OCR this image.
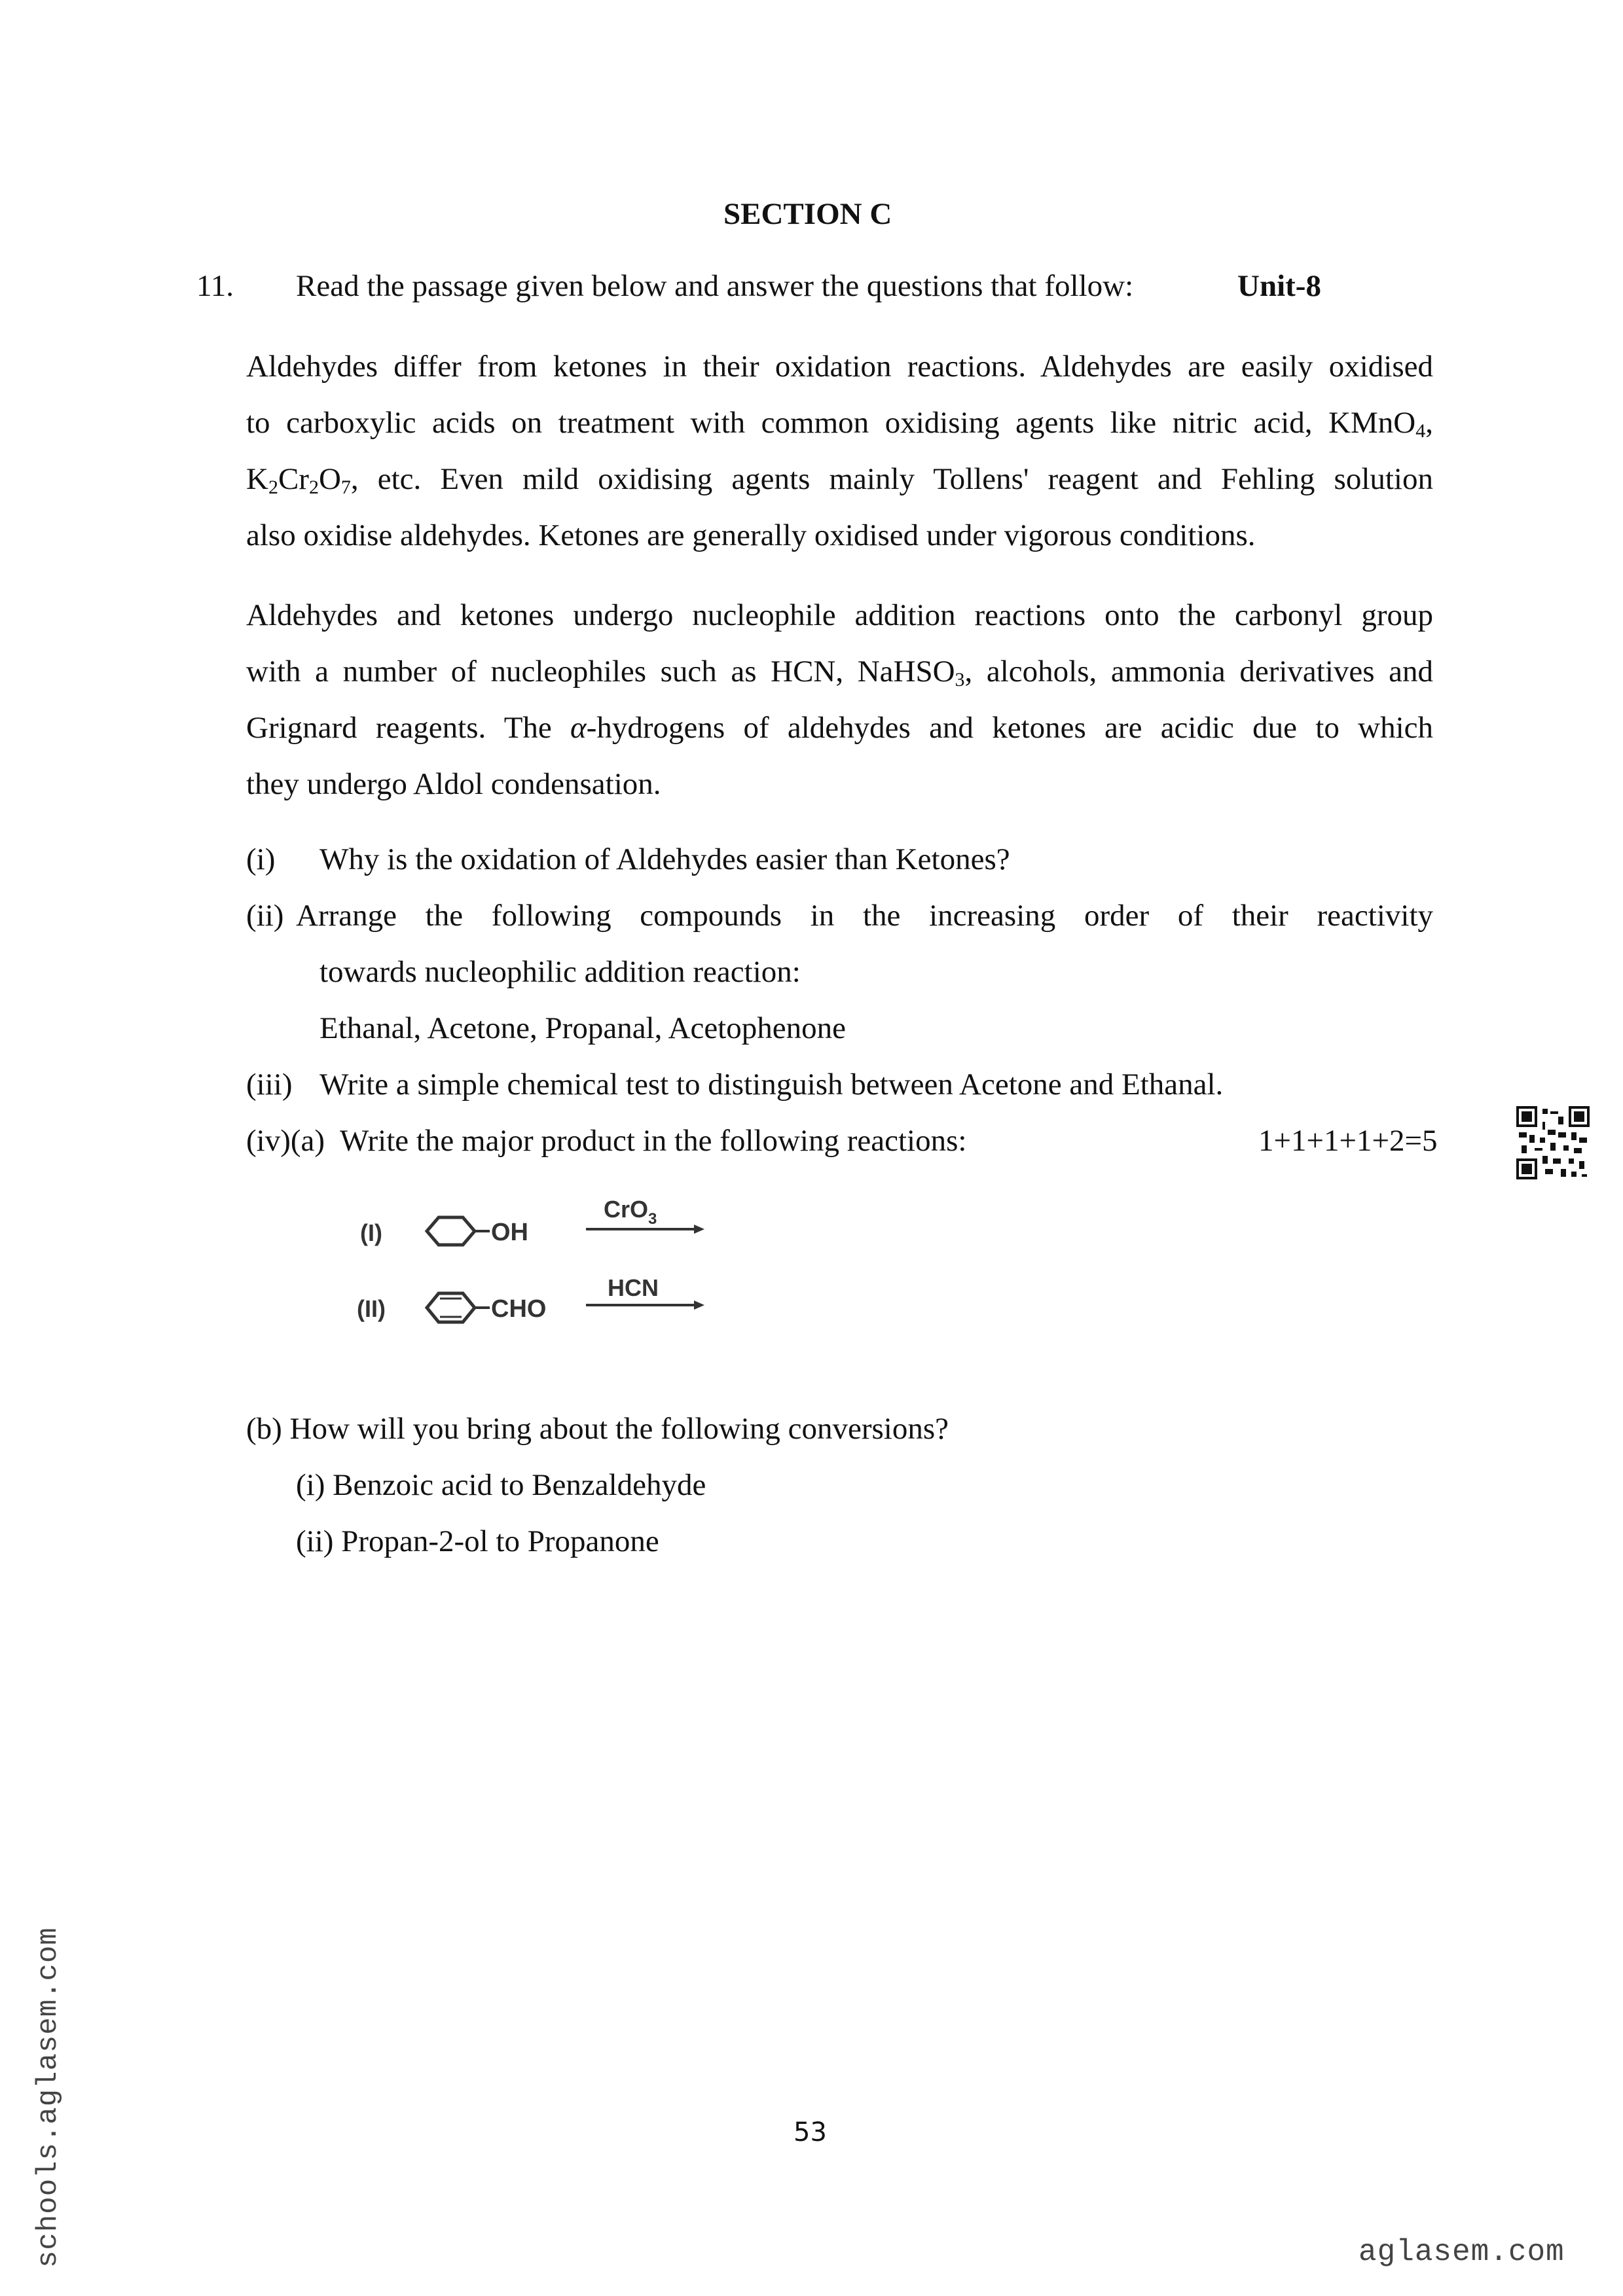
SECTION C
11. Read the passage given below and answer the questions that follow:	Unit-8
Aldehydes differ from ketones in their oxidation reactions. Aldehydes are easily oxidised
to carboxylic acids on treatment with common oxidising agents like nitric acid, KMnO$_4$,
$K_2Cr_2O_7$, etc. Even mild oxidising agents mainly Tollens' reagent and Fehling solution
also oxidise aldehydes. Ketones are generally oxidised under vigorous conditions.
Aldehydes and ketones undergo nucleophile addition reactions onto the carbonyl group
with a number of nucleophiles such as HCN, NaHSO$_3$, alcohols, ammonia derivatives and
Grignard reagents. The α-hydrogens of aldehydes and ketones are acidic due to which
they undergo Aldol condensation.
(i) Why is the oxidation of Aldehydes easier than Ketones?
(ii) Arrange the following compounds in the increasing order of their reactivity
towards nucleophilic addition reaction:
Ethanal, Acetone, Propanal, Acetophenone
(iii) Write a simple chemical test to distinguish between Acetone and Ethanal.
(iv)(a) Write the major product in the following reactions:	1+1+1+1+2=5
(I)	OH
CrO$_3$
(II)	CHO
HCN
(b) How will you bring about the following conversions?
(i) Benzoic acid to Benzaldehyde
(ii) Propan-2-ol to Propanone
53
schools.aglasem.com	aglasem.com
